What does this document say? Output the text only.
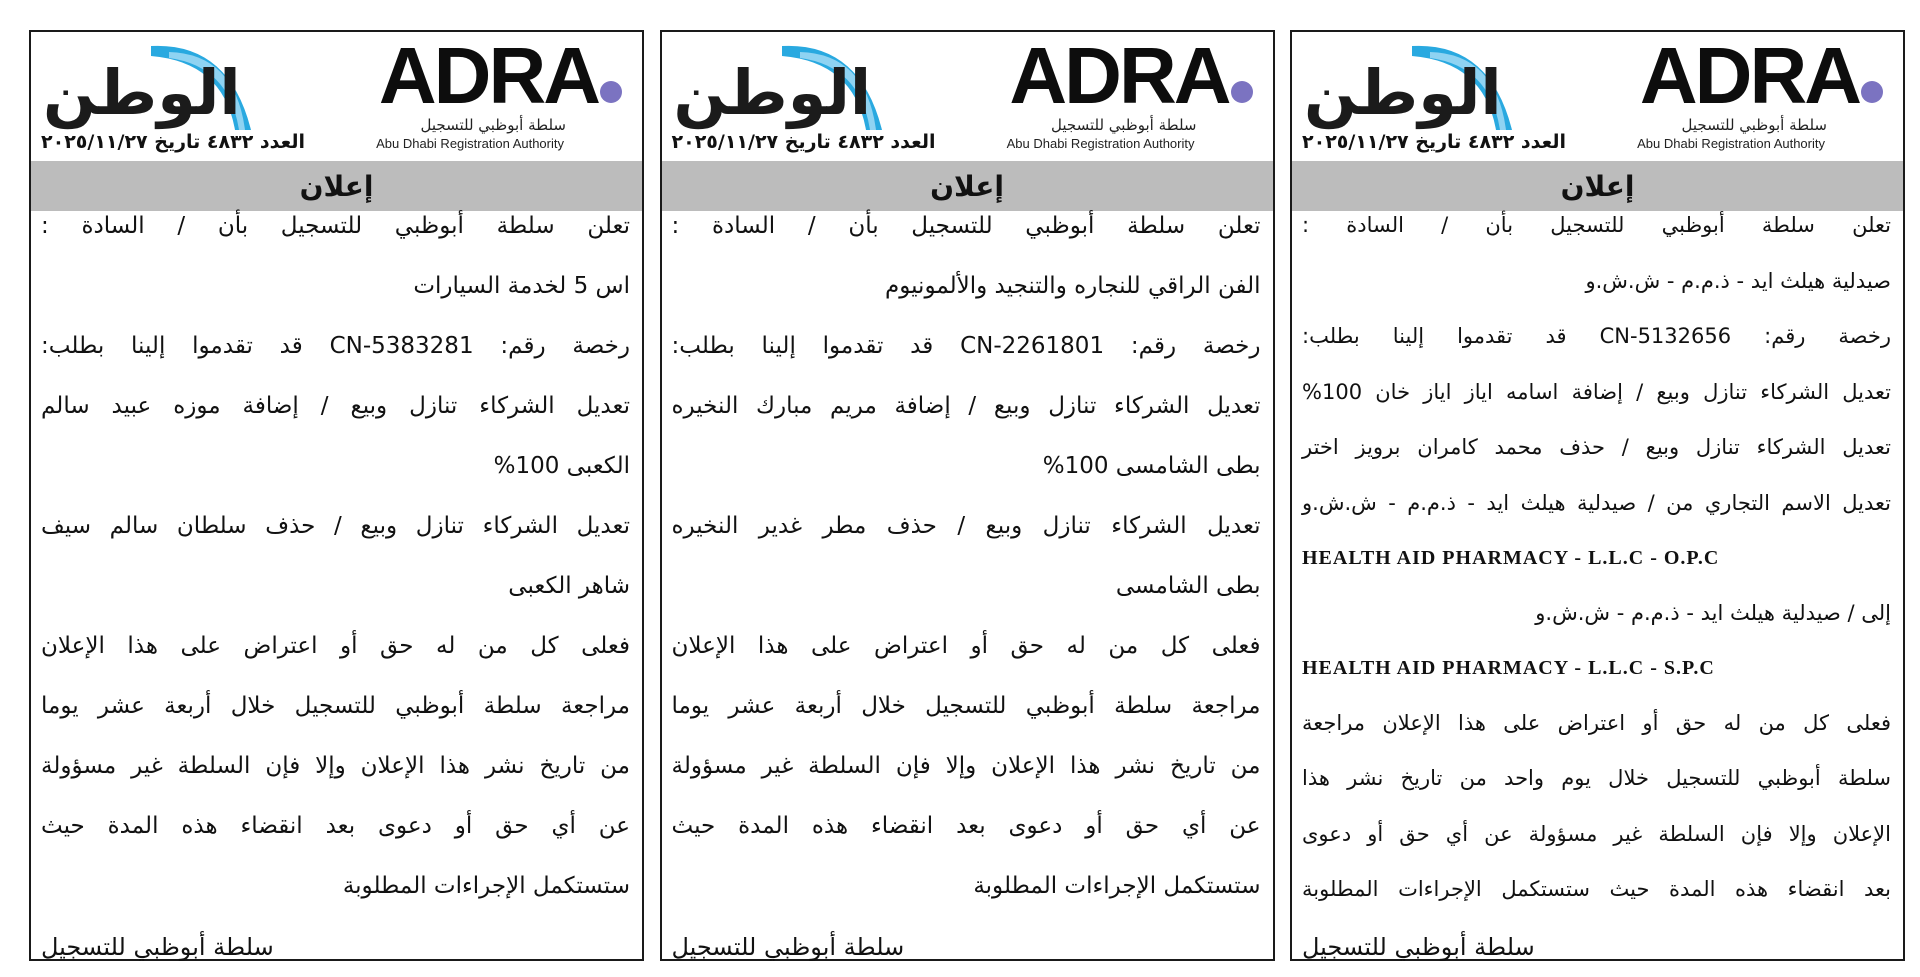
الوطن
العدد ٤٨٣٢ تاريخ ٢٠٢٥/١١/٢٧
ADRA
سلطة أبوظبي للتسجيل
Abu Dhabi Registration Authority
إعلان
تعلن سلطة أبوظبي للتسجيل بأن / السادة :
اس 5 لخدمة السيارات
رخصة رقم: CN-5383281 قد تقدموا إلينا بطلب:
تعديل الشركاء تنازل وبيع / إضافة موزه عبيد سالم
الكعبى 100%
تعديل الشركاء تنازل وبيع / حذف سلطان سالم سيف
شاهر الكعبى
فعلى كل من له حق أو اعتراض على هذا الإعلان
مراجعة سلطة أبوظبي للتسجيل خلال أربعة عشر يوما
من تاريخ نشر هذا الإعلان وإلا فإن السلطة غير مسؤولة
عن أي حق أو دعوى بعد انقضاء هذه المدة حيث
ستستكمل الإجراءات المطلوبة
سلطة أبوظبي للتسجيل
الوطن
العدد ٤٨٣٢ تاريخ ٢٠٢٥/١١/٢٧
ADRA
سلطة أبوظبي للتسجيل
Abu Dhabi Registration Authority
إعلان
تعلن سلطة أبوظبي للتسجيل بأن / السادة :
الفن الراقي للنجاره والتنجيد والألمونيوم
رخصة رقم: CN-2261801 قد تقدموا إلينا بطلب:
تعديل الشركاء تنازل وبيع / إضافة مريم مبارك النخيره
بطى الشامسى 100%
تعديل الشركاء تنازل وبيع / حذف مطر غدير النخيره
بطى الشامسى
فعلى كل من له حق أو اعتراض على هذا الإعلان
مراجعة سلطة أبوظبي للتسجيل خلال أربعة عشر يوما
من تاريخ نشر هذا الإعلان وإلا فإن السلطة غير مسؤولة
عن أي حق أو دعوى بعد انقضاء هذه المدة حيث
ستستكمل الإجراءات المطلوبة
سلطة أبوظبي للتسجيل
الوطن
العدد ٤٨٣٢ تاريخ ٢٠٢٥/١١/٢٧
ADRA
سلطة أبوظبي للتسجيل
Abu Dhabi Registration Authority
إعلان
تعلن سلطة أبوظبي للتسجيل بأن / السادة :
صيدلية هيلث ايد - ذ.م.م - ش.ش.و
رخصة رقم: CN-5132656 قد تقدموا إلينا بطلب:
تعديل الشركاء تنازل وبيع / إضافة اسامه اياز اياز خان 100%
تعديل الشركاء تنازل وبيع / حذف محمد كامران برويز اختر
تعديل الاسم التجاري من / صيدلية هيلث ايد - ذ.م.م - ش.ش.و
HEALTH AID PHARMACY - L.L.C - O.P.C
إلى / صيدلية هيلث ايد - ذ.م.م - ش.ش.و
HEALTH AID PHARMACY - L.L.C - S.P.C
فعلى كل من له حق أو اعتراض على هذا الإعلان مراجعة
سلطة أبوظبي للتسجيل خلال يوم واحد من تاريخ نشر هذا
الإعلان وإلا فإن السلطة غير مسؤولة عن أي حق أو دعوى
بعد انقضاء هذه المدة حيث ستستكمل الإجراءات المطلوبة
سلطة أبوظبي للتسجيل
